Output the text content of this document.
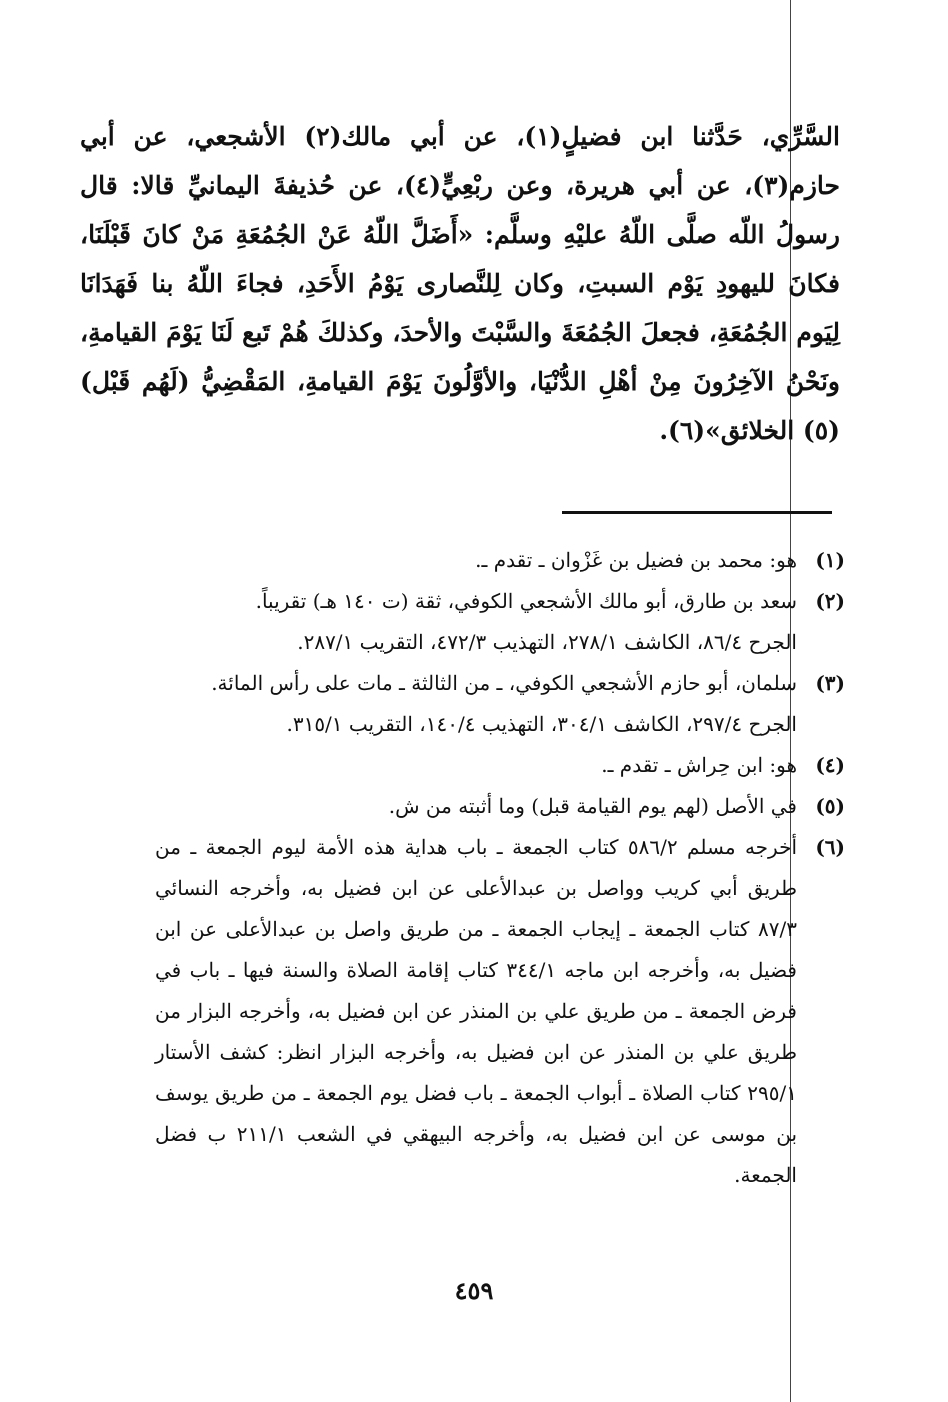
السَّرِّي، حَدَّثنا ابن فضيلٍ(١)، عن أبي مالك(٢) الأشجعي، عن أبي حازم(٣)، عن أبي هريرة، وعن ربْعِيٍّ(٤)، عن حُذيفةَ اليمانيِّ قالا: قال رسولُ اللّه صلَّى اللّهُ عليْهِ وسلَّم: «أَضَلَّ اللّهُ عَنْ الجُمُعَةِ مَنْ كانَ قَبْلَنَا، فكانَ لليهودِ يَوْم السبتِ، وكان لِلنَّصارى يَوْمُ الأَحَدِ، فجاءَ اللّهُ بنا فَهَدَانَا لِيَوم الجُمُعَةِ، فجعلَ الجُمُعَةَ والسَّبْتَ والأحدَ، وكذلكَ هُمْ تَبع لَنَا يَوْمَ القيامةِ، ونَحْنُ الآخِرُونَ مِنْ أهْلِ الدُّنْيَا، والأوَّلُونَ يَوْمَ القيامةِ، المَقْضِيُّ (لَهُم قَبْل)(٥) الخلائق»(٦).

(١)

هو: محمد بن فضيل بن غَزْوان ـ تقدم ـ.

(٢)

سعد بن طارق، أبو مالك الأشجعي الكوفي، ثقة (ت ١٤٠ هـ) تقريباً.

الجرح ٨٦/٤، الكاشف ٢٧٨/١، التهذيب ٤٧٢/٣، التقريب ٢٨٧/١.

(٣)

سلمان، أبو حازم الأشجعي الكوفي، ـ من الثالثة ـ مات على رأس المائة.

الجرح ٢٩٧/٤، الكاشف ٣٠٤/١، التهذيب ١٤٠/٤، التقريب ٣١٥/١.

(٤)

هو: ابن حِراش ـ تقدم ـ.

(٥)

في الأصل (لهم يوم القيامة قبل) وما أثبته من ش.

(٦)

أخرجه مسلم ٥٨٦/٢ كتاب الجمعة ـ باب هداية هذه الأمة ليوم الجمعة ـ من طريق أبي كريب وواصل بن عبدالأعلى عن ابن فضيل به، وأخرجه النسائي ٨٧/٣ كتاب الجمعة ـ إيجاب الجمعة ـ من طريق واصل بن عبدالأعلى عن ابن فضيل به، وأخرجه ابن ماجه ٣٤٤/١ كتاب إقامة الصلاة والسنة فيها ـ باب في فرض الجمعة ـ من طريق علي بن المنذر عن ابن فضيل به، وأخرجه البزار من طريق علي بن المنذر عن ابن فضيل به، وأخرجه البزار انظر: كشف الأستار ٢٩٥/١ كتاب الصلاة ـ أبواب الجمعة ـ باب فضل يوم الجمعة ـ من طريق يوسف بن موسى عن ابن فضيل به، وأخرجه البيهقي في الشعب ٢١١/١ ب فضل الجمعة.

٤٥٩
